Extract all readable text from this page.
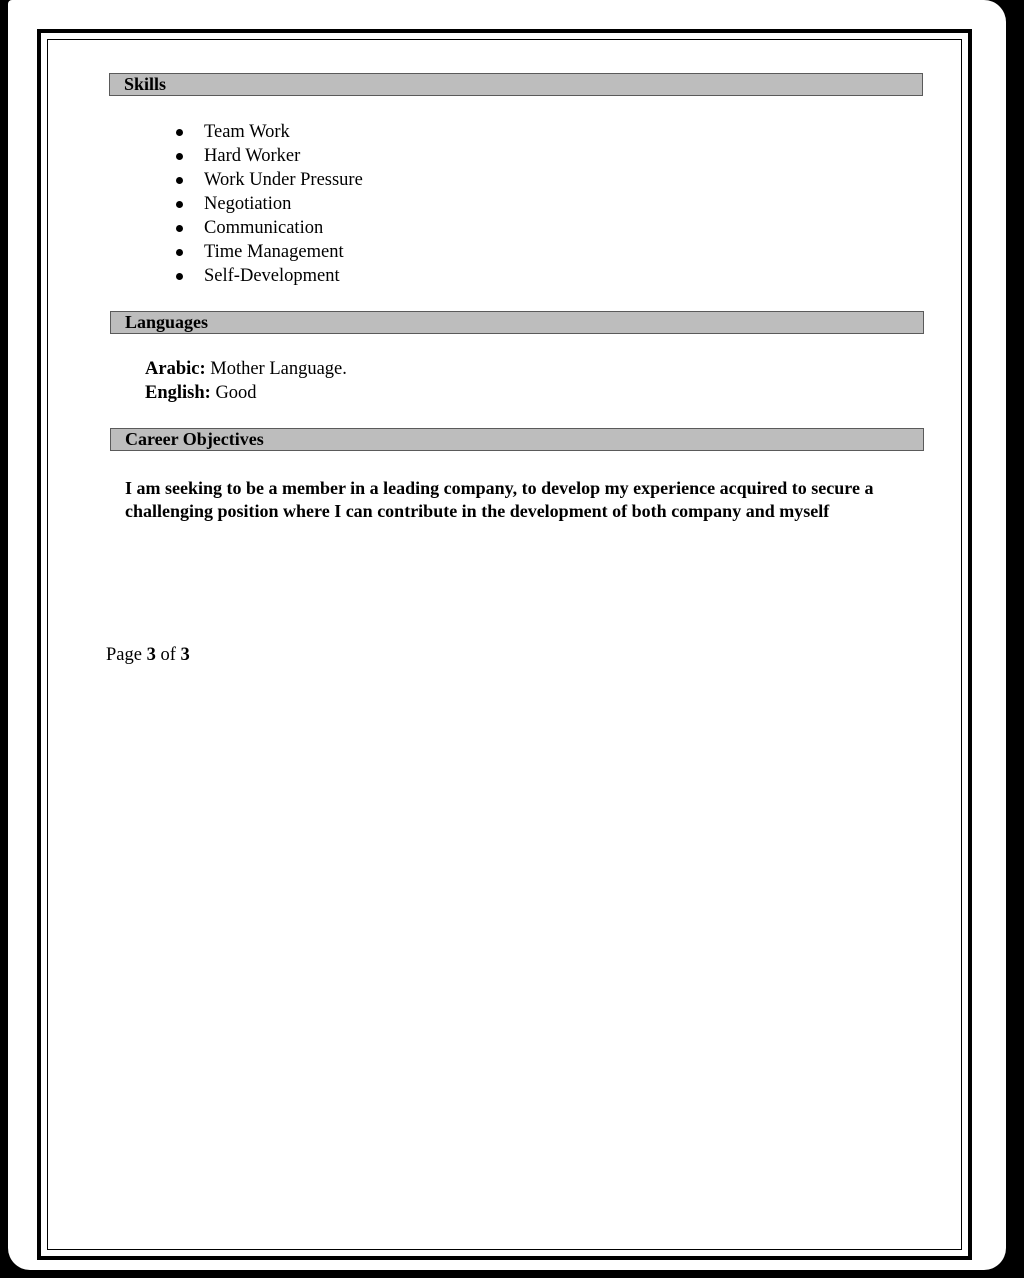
Skills
Team Work
Hard Worker
Work Under Pressure
Negotiation
Communication
Time Management
Self-Development
Languages
Arabic: Mother Language.
English: Good
Career Objectives
I am seeking to be a member in a leading company, to develop my experience acquired to secure a challenging position where I can contribute in the development of both company and myself
Page 3 of 3
